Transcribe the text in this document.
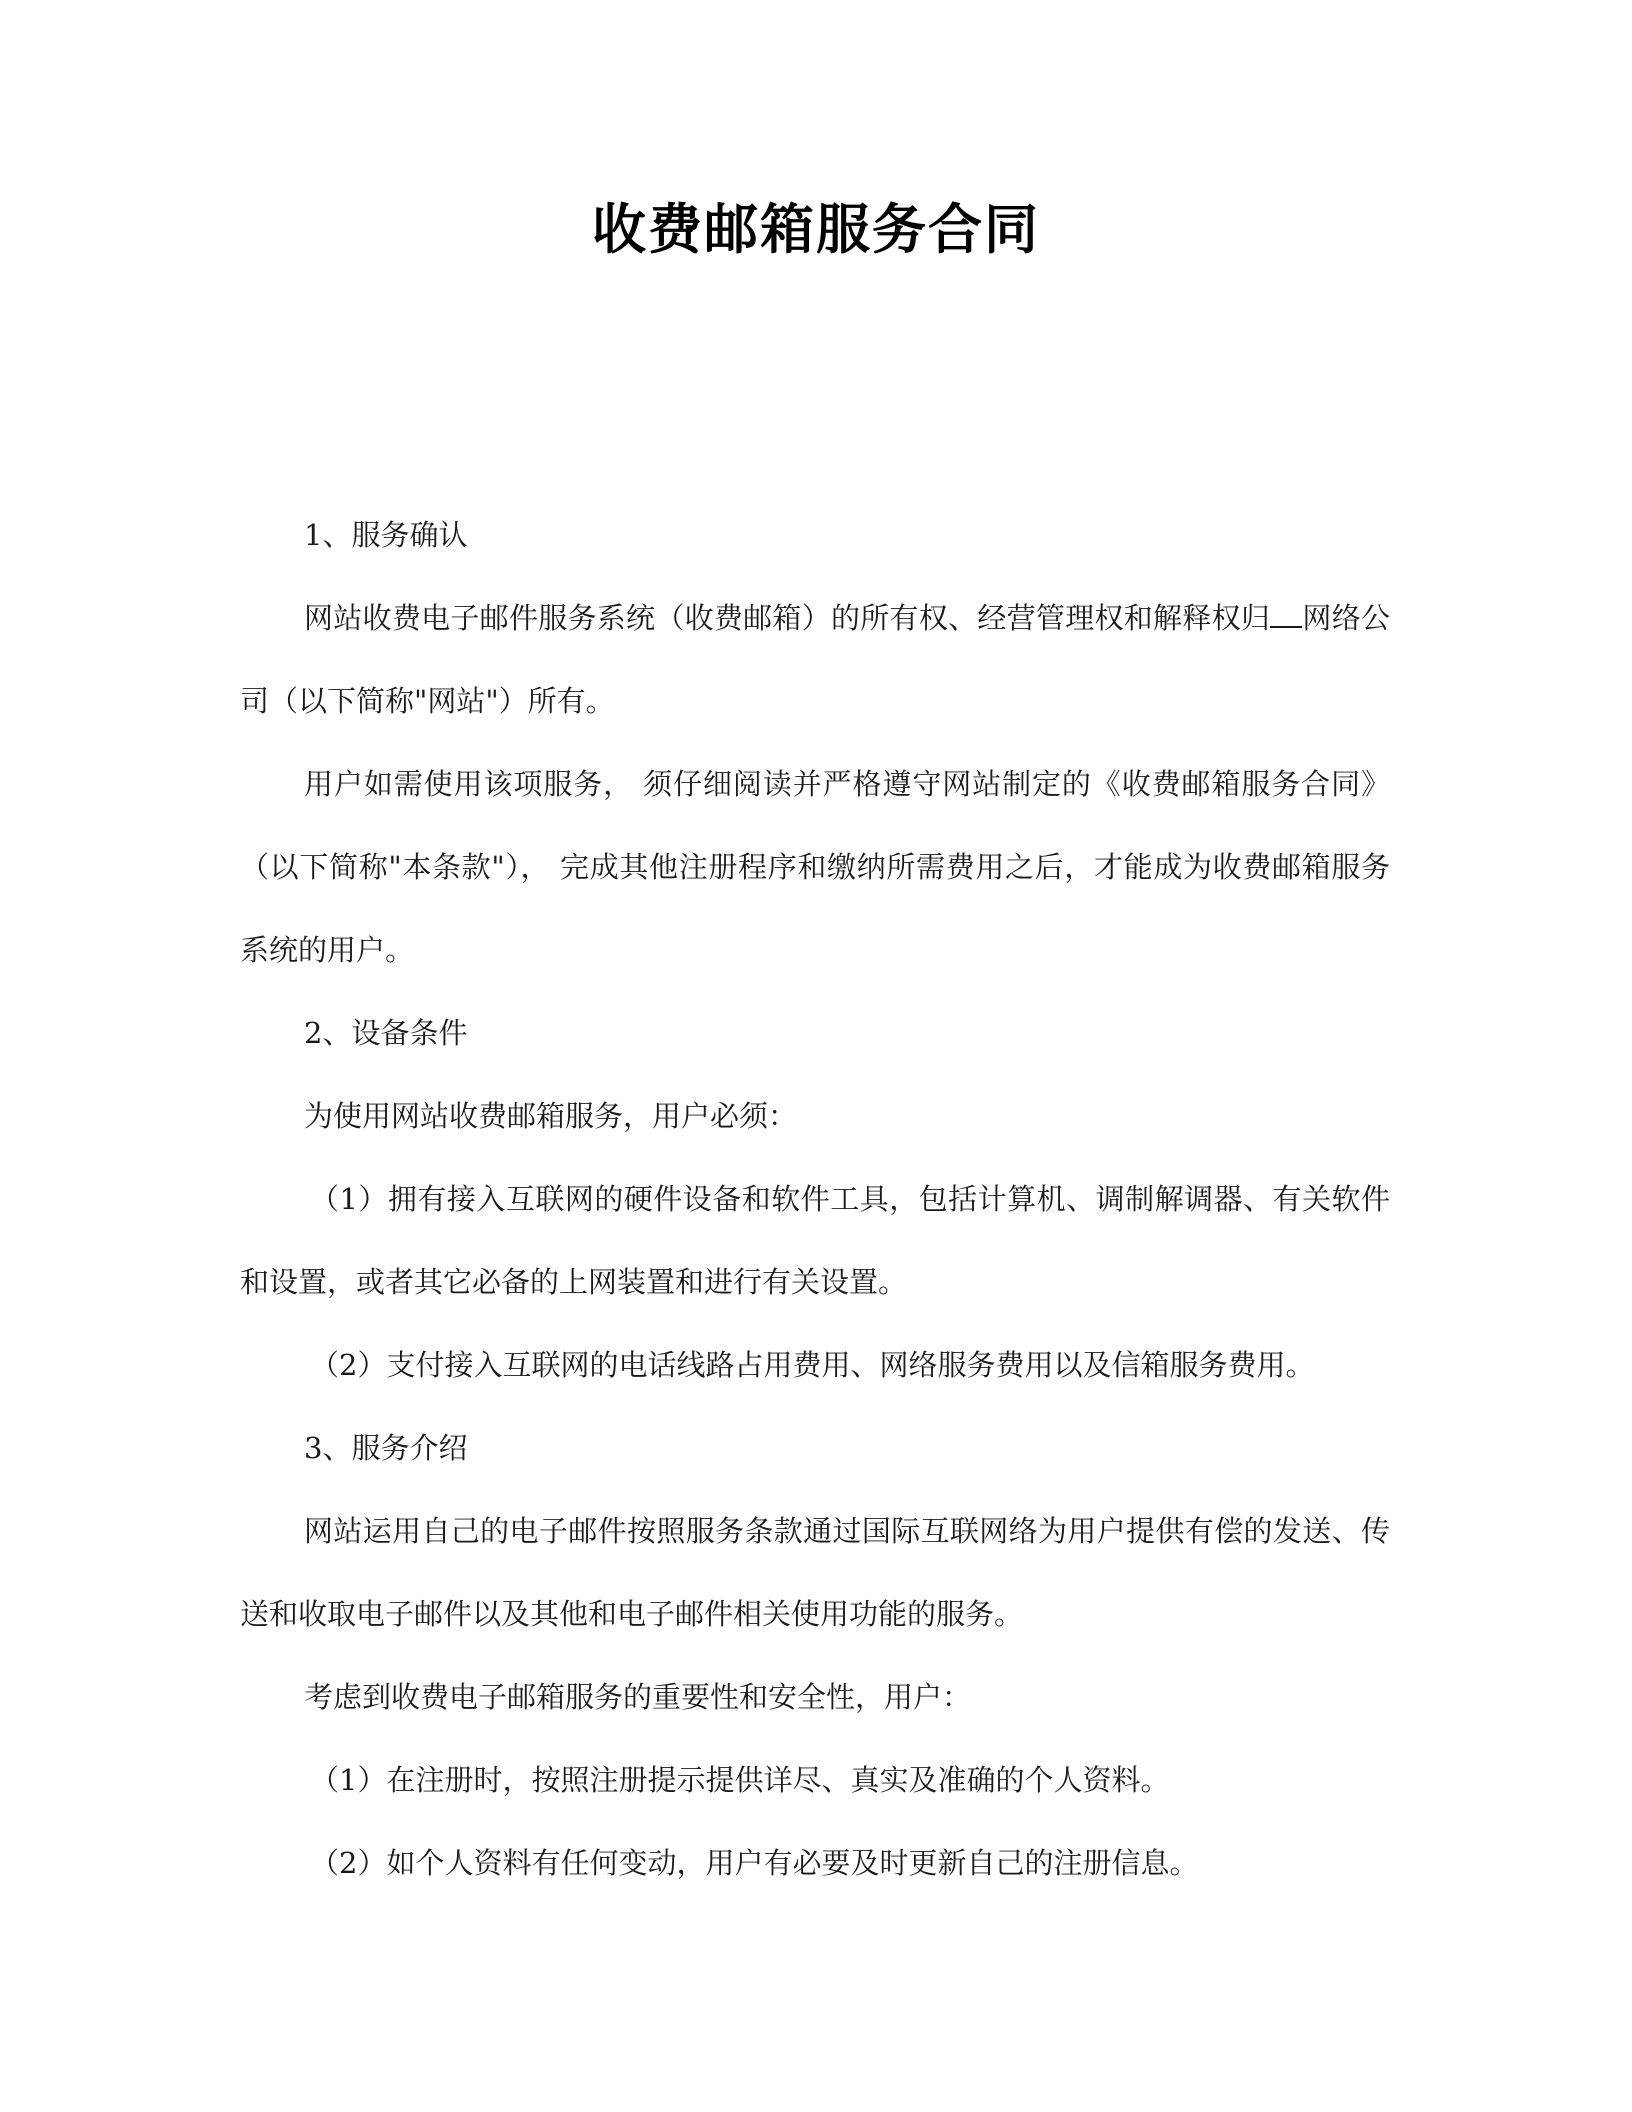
收费邮箱服务合同

1、服务确认

网站收费电子邮件服务系统（收费邮箱）的所有权、经营管理权和解释权归 网络公司（以下简称"网站"）所有。

用户如需使用该项服务， 须仔细阅读并严格遵守网站制定的《收费邮箱服务合同》（以下简称"本条款"）， 完成其他注册程序和缴纳所需费用之后，才能成为收费邮箱服务系统的用户。

2、设备条件

为使用网站收费邮箱服务，用户必须：

（1）拥有接入互联网的硬件设备和软件工具，包括计算机、调制解调器、有关软件和设置，或者其它必备的上网装置和进行有关设置。

（2）支付接入互联网的电话线路占用费用、网络服务费用以及信箱服务费用。

3、服务介绍

网站运用自己的电子邮件按照服务条款通过国际互联网络为用户提供有偿的发送、传送和收取电子邮件以及其他和电子邮件相关使用功能的服务。

考虑到收费电子邮箱服务的重要性和安全性，用户：

（1）在注册时，按照注册提示提供详尽、真实及准确的个人资料。

（2）如个人资料有任何变动，用户有必要及时更新自己的注册信息。
